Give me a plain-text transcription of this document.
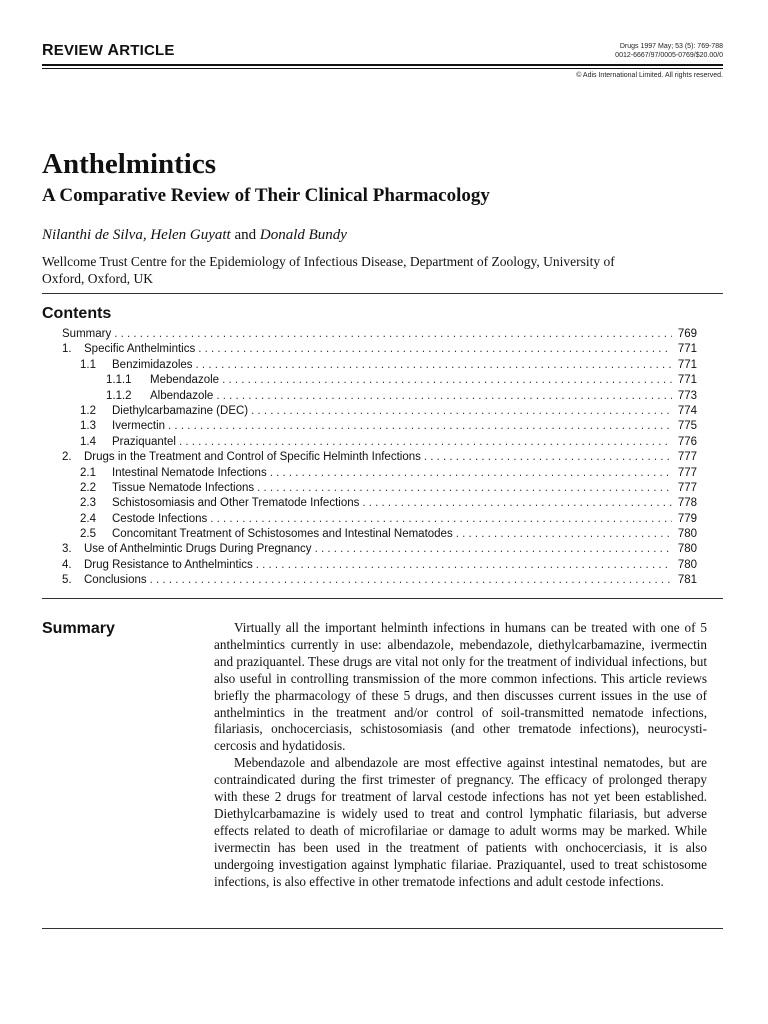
REVIEW ARTICLE	Drugs 1997 May; 53 (5): 769-788
0012-6667/97/0005-0769/$20.00/0
© Adis International Limited. All rights reserved.
Anthelmintics
A Comparative Review of Their Clinical Pharmacology
Nilanthi de Silva, Helen Guyatt and Donald Bundy
Wellcome Trust Centre for the Epidemiology of Infectious Disease, Department of Zoology, University of Oxford, Oxford, UK
Contents
Summary . . .	769
1.	Specific Anthelmintics . . .	771
1.1	Benzimidazoles . . .	771
1.1.1	Mebendazole . . .	771
1.1.2	Albendazole . . .	773
1.2	Diethylcarbamazine (DEC) . . .	774
1.3	Ivermectin . . .	775
1.4	Praziquantel . . .	776
2.	Drugs in the Treatment and Control of Specific Helminth Infections . . .	777
2.1	Intestinal Nematode Infections . . .	777
2.2	Tissue Nematode Infections . . .	777
2.3	Schistosomiasis and Other Trematode Infections . . .	778
2.4	Cestode Infections . . .	779
2.5	Concomitant Treatment of Schistosomes and Intestinal Nematodes . . .	780
3.	Use of Anthelmintic Drugs During Pregnancy . . .	780
4.	Drug Resistance to Anthelmintics . . .	780
5.	Conclusions . . .	781
Summary	Virtually all the important helminth infections in humans can be treated with one of 5 anthelmintics currently in use: albendazole, mebendazole, diethylcarbamazine, ivermectin and praziquantel. These drugs are vital not only for the treatment of individual infections, but also useful in controlling transmission of the more common infections. This article reviews briefly the pharmacology of these 5 drugs, and then discusses current issues in the use of anthelmintics in the treatment and/or control of soil-transmitted nematode infections, filariasis, onchocerciasis, schistosomiasis (and other trematode infections), neurocysticercosis and hydatidosis.

Mebendazole and albendazole are most effective against intestinal nematodes, but are contraindicated during the first trimester of pregnancy. The efficacy of prolonged therapy with these 2 drugs for treatment of larval cestode infections has not yet been established. Diethylcarbamazine is widely used to treat and control lymphatic filariasis, but adverse effects related to death of microfilariae or damage to adult worms may be marked. While ivermectin has been used in the treatment of patients with onchocerciasis, it is also undergoing investigation against lymphatic filariae. Praziquantel, used to treat schistosome infections, is also effective in other trematode infections and adult cestode infections.
